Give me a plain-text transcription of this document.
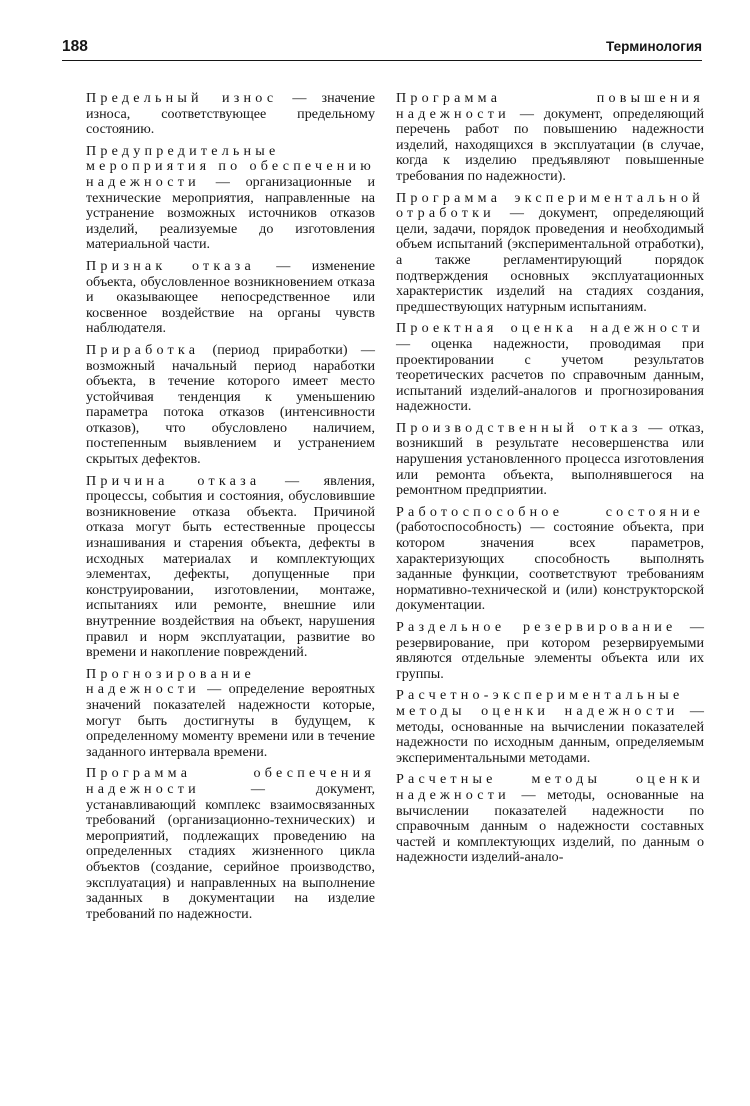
188	Терминология

Предельный износ — значение износа, соответствующее предельному состоянию.

Предупредительные мероприятия по обеспечению надежности — организационные и технические мероприятия, направленные на устранение возможных источников отказов изделий, реализуемые до изготовления материальной части.

Признак отказа — изменение объекта, обусловленное возникновением отказа и оказывающее непосредственное или косвенное воздействие на органы чувств наблюдателя.

Приработка (период приработки) — возможный начальный период наработки объекта, в течение которого имеет место устойчивая тенденция к уменьшению параметра потока отказов (интенсивности отказов), что обусловлено наличием, постепенным выявлением и устранением скрытых дефектов.

Причина отказа — явления, процессы, события и состояния, обусловившие возникновение отказа объекта. Причиной отказа могут быть естественные процессы изнашивания и старения объекта, дефекты в исходных материалах и комплектующих элементах, дефекты, допущенные при конструировании, изготовлении, монтаже, испытаниях или ремонте, внешние или внутренние воздействия на объект, нарушения правил и норм эксплуатации, развитие во времени и накопление повреждений.

Прогнозирование надежности — определение вероятных значений показателей надежности которые, могут быть достигнуты в будущем, к определенному моменту времени или в течение заданного интервала времени.

Программа обеспечения надежности — документ, устанавливающий комплекс взаимосвязанных требований (организационно-технических) и мероприятий, подлежащих проведению на определенных стадиях жизненного цикла объектов (создание, серийное производство, эксплуатация) и направленных на выполнение заданных в документации на изделие требований по надежности.

Программа повышения надежности — документ, определяющий перечень работ по повышению надежности изделий, находящихся в эксплуатации (в случае, когда к изделию предъявляют повышенные требования по надежности).

Программа экспериментальной отработки — документ, определяющий цели, задачи, порядок проведения и необходимый объем испытаний (экспериментальной отработки), а также регламентирующий порядок подтверждения основных эксплуатационных характеристик изделий на стадиях создания, предшествующих натурным испытаниям.

Проектная оценка надежности — оценка надежности, проводимая при проектировании с учетом результатов теоретических расчетов по справочным данным, испытаний изделий-аналогов и прогнозирования надежности.

Производственный отказ — отказ, возникший в результате несовершенства или нарушения установленного процесса изготовления или ремонта объекта, выполнявшегося на ремонтном предприятии.

Работоспособное состояние (работоспособность) — состояние объекта, при котором значения всех параметров, характеризующих способность выполнять заданные функции, соответствуют требованиям нормативно-технической и (или) конструкторской документации.

Раздельное резервирование — резервирование, при котором резервируемыми являются отдельные элементы объекта или их группы.

Расчетно-экспериментальные методы оценки надежности — методы, основанные на вычислении показателей надежности по исходным данным, определяемым экспериментальными методами.

Расчетные методы оценки надежности — методы, основанные на вычислении показателей надежности по справочным данным о надежности составных частей и комплектующих изделий, по данным о надежности изделий-анало-
